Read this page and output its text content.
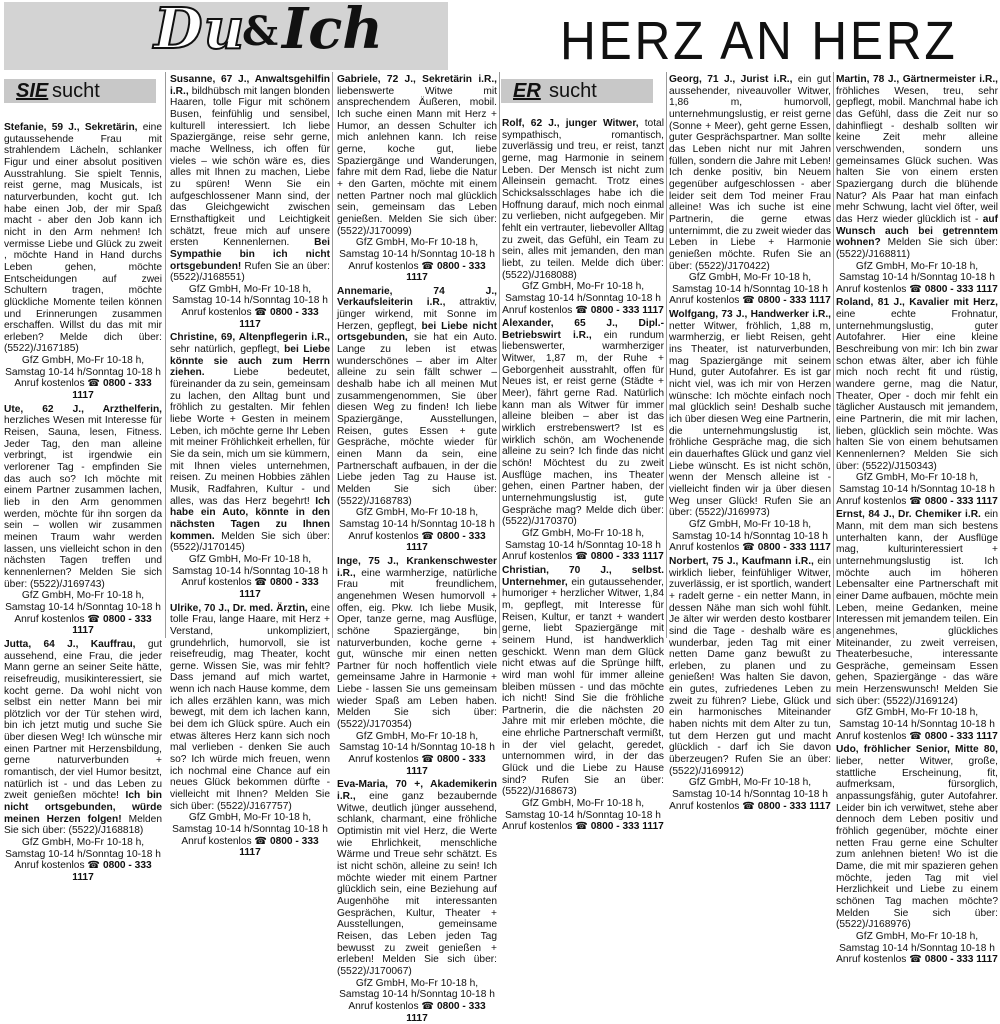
Du
& Ich	HERZ AN HERZ
SIE sucht	ER sucht

Stefanie, 59 J., Sekretärin, eine gutaussehende Frau mit strahlendem Lächeln, schlanker Figur und einer absolut positiven Ausstrahlung. Sie spielt Tennis, reist gerne, mag Musicals, ist naturverbunden, kocht gut. Ich habe einen Job, der mir Spaß macht - aber den Job kann ich nicht in den Arm nehmen! Ich vermisse Liebe und Glück zu zweit , möchte Hand in Hand durchs Leben gehen, möchte Entscheidungen auf zwei Schultern tragen, möchte glückliche Momente teilen können und Erinnerungen zusammen erschaffen. Willst du das mit mir erleben? Melde dich über: (5522)/J167185)
GfZ GmbH, Mo-Fr 10-18 h,
Samstag 10-14 h/Sonntag 10-18 h
Anruf kostenlos ☎ 0800 - 333 1117

Ute, 62 J., Arzthelferin, herzliches Wesen mit Interesse für Reisen, Sauna, lesen, Fitness. Jeder Tag, den man alleine verbringt, ist irgendwie ein verlorener Tag - empfinden Sie das auch so? Ich möchte mit einem Partner zusammen lachen, lieb in den Arm genommen werden, möchte für ihn sorgen da sein – wollen wir zusammen meinen Traum wahr werden lassen, uns vielleicht schon in den nächsten Tagen treffen und kennenlernen? Melden Sie sich über: (5522)/J169743)
GfZ GmbH, Mo-Fr 10-18 h,
Samstag 10-14 h/Sonntag 10-18 h
Anruf kostenlos ☎ 0800 - 333 1117

Jutta, 64 J., Kauffrau, gut aussehend, eine Frau, die jeder Mann gerne an seiner Seite hätte, reisefreudig, musikinteressiert, sie kocht gerne. Da wohl nicht von selbst ein netter Mann bei mir plötzlich vor der Tür stehen wird, bin ich jetzt mutig und suche Sie über diesen Weg! Ich wünsche mir einen Partner mit Herzensbildung, gerne naturverbunden + romantisch, der viel Humor besitzt, natürlich ist - und das Leben zu zweit genießen möchte! Ich bin nicht ortsgebunden, würde meinen Herzen folgen! Melden Sie sich über: (5522)/J168818)
GfZ GmbH, Mo-Fr 10-18 h,
Samstag 10-14 h/Sonntag 10-18 h
Anruf kostenlos ☎ 0800 - 333 1117

Susanne, 67 J., Anwaltsgehilfin i.R., bildhübsch mit langen blonden Haaren, tolle Figur mit schönem Busen, feinfühlig und sensibel, kulturell interessiert. Ich liebe Spaziergänge, reise sehr gerne, mache Wellness, ich offen für vieles – wie schön wäre es, dies alles mit Ihnen zu machen, Liebe zu spüren! Wenn Sie ein aufgeschlossener Mann sind, der das Gleichgewicht zwischen Ernsthaftigkeit und Leichtigkeit schätzt, freue mich auf unsere ersten Kennenlernen. Bei Sympathie bin ich nicht ortsgebunden! Rufen Sie an über: (5522)/J168551)
GfZ GmbH, Mo-Fr 10-18 h,
Samstag 10-14 h/Sonntag 10-18 h
Anruf kostenlos ☎ 0800 - 333 1117

Christine, 69, Altenpflegerin i.R., sehr natürlich, gepflegt, bei Liebe könnte sie auch zum Herrn ziehen. Liebe bedeutet, füreinander da zu sein, gemeinsam zu lachen, den Alltag bunt und fröhlich zu gestalten. Mir fehlen liebe Worte + Gesten in meinem Leben, ich möchte gerne Ihr Leben mit meiner Fröhlichkeit erhellen, für Sie da sein, mich um sie kümmern, mit Ihnen vieles unternehmen, reisen. Zu meinen Hobbies zählen Musik, Radfahren, Kultur - und alles, was das Herz begehrt! Ich habe ein Auto, könnte in den nächsten Tagen zu Ihnen kommen. Melden Sie sich über: (5522)/J170145)
GfZ GmbH, Mo-Fr 10-18 h,
Samstag 10-14 h/Sonntag 10-18 h
Anruf kostenlos ☎ 0800 - 333 1117

Ulrike, 70 J., Dr. med. Ärztin, eine tolle Frau, lange Haare, mit Herz + Verstand, unkompliziert, grundehrlich, humorvoll, sie ist reisefreudig, mag Theater, kocht gerne. Wissen Sie, was mir fehlt? Dass jemand auf mich wartet, wenn ich nach Hause komme, dem ich alles erzählen kann, was mich bewegt, mit dem ich lachen kann, bei dem ich Glück spüre. Auch ein etwas älteres Herz kann sich noch mal verlieben - denken Sie auch so? Ich würde mich freuen, wenn ich nochmal eine Chance auf ein neues Glück bekommen dürfte - vielleicht mit Ihnen? Melden Sie sich über: (5522)/J167757)
GfZ GmbH, Mo-Fr 10-18 h,
Samstag 10-14 h/Sonntag 10-18 h
Anruf kostenlos ☎ 0800 - 333 1117

Gabriele, 72 J., Sekretärin i.R., liebenswerte Witwe mit ansprechendem Äußeren, mobil. Ich suche einen Mann mit Herz + Humor, an dessen Schulter ich mich anlehnen kann. Ich reise gerne, koche gut, liebe Spaziergänge und Wanderungen, fahre mit dem Rad, liebe die Natur + den Garten, möchte mit einem netten Partner noch mal glücklich sein, gemeinsam das Leben genießen. Melden Sie sich über: (5522)/J170099)
GfZ GmbH, Mo-Fr 10-18 h,
Samstag 10-14 h/Sonntag 10-18 h
Anruf kostenlos ☎ 0800 - 333 1117

Annemarie, 74 J., Verkaufsleiterin i.R., attraktiv, jünger wirkend, mit Sonne im Herzen, gepflegt, bei Liebe nicht ortsgebunden, sie hat ein Auto. Lange zu leben ist etwas wunderschönes – aber im Alter alleine zu sein fällt schwer – deshalb habe ich all meinen Mut zusammengenommen, Sie über diesen Weg zu finden! Ich liebe Spaziergänge, Ausstellungen, Reisen, gutes Essen + gute Gespräche, möchte wieder für einen Mann da sein, eine Partnerschaft aufbauen, in der die Liebe jeden Tag zu Hause ist. Melden Sie sich über: (5522)/J168783)
GfZ GmbH, Mo-Fr 10-18 h,
Samstag 10-14 h/Sonntag 10-18 h
Anruf kostenlos ☎ 0800 - 333 1117

Inge, 75 J., Krankenschwester i.R., eine warmherzige, natürliche Frau mit freundlichem, angenehmen Wesen humorvoll + offen, eig. Pkw. Ich liebe Musik, Oper, tanze gerne, mag Ausflüge, schöne Spaziergänge, bin naturverbunden, koche gerne + gut, wünsche mir einen netten Partner für noch hoffentlich viele gemeinsame Jahre in Harmonie + Liebe - lassen Sie uns gemeinsam wieder Spaß am Leben haben. Melden Sie sich über: (5522)/J170354)
GfZ GmbH, Mo-Fr 10-18 h,
Samstag 10-14 h/Sonntag 10-18 h
Anruf kostenlos ☎ 0800 - 333 1117

Eva-Maria, 70 +, Akademikerin i.R., eine ganz bezaubernde Witwe, deutlich jünger aussehend, schlank, charmant, eine fröhliche Optimistin mit viel Herz, die Werte wie Ehrlichkeit, menschliche Wärme und Treue sehr schätzt. Es ist nicht schön, alleine zu sein! Ich möchte wieder mit einem Partner glücklich sein, eine Beziehung auf Augenhöhe mit interessanten Gesprächen, Kultur, Theater + Ausstellungen, gemeinsame Reisen, das Leben jeden Tag bewusst zu zweit genießen + erleben! Melden Sie sich über: (5522)/J170067)
GfZ GmbH, Mo-Fr 10-18 h,
Samstag 10-14 h/Sonntag 10-18 h
Anruf kostenlos ☎ 0800 - 333 1117

Rolf, 62 J., junger Witwer, total sympathisch, romantisch, zuverlässig und treu, er reist, tanzt gerne, mag Harmonie in seinem Leben. Der Mensch ist nicht zum Alleinsein gemacht. Trotz eines Schicksalsschlages habe ich die Hoffnung darauf, mich noch einmal zu verlieben, nicht aufgegeben. Mir fehlt ein vertrauter, liebevoller Alltag zu zweit, das Gefühl, ein Team zu sein, alles mit jemanden, den man liebt, zu teilen. Melde dich über: (5522)/J168088)
GfZ GmbH, Mo-Fr 10-18 h,
Samstag 10-14 h/Sonntag 10-18 h
Anruf kostenlos ☎ 0800 - 333 1117

Alexander, 65 J., Dipl.-Betriebswirt i.R., ein rundum liebenswerter, warmherziger Witwer, 1,87 m, der Ruhe + Geborgenheit ausstrahlt, offen für Neues ist, er reist gerne (Städte + Meer), fährt gerne Rad. Natürlich kann man als Witwer für immer alleine bleiben – aber ist das wirklich erstrebenswert? Ist es wirklich schön, am Wochenende alleine zu sein? Ich finde das nicht schön! Möchtest du zu zweit Ausflüge machen, ins Theater gehen, einen Partner haben, der unternehmungslustig ist, gute Gespräche mag? Melde dich über: (5522)/J170370)
GfZ GmbH, Mo-Fr 10-18 h,
Samstag 10-14 h/Sonntag 10-18 h
Anruf kostenlos ☎ 0800 - 333 1117

Christian, 70 J., selbst. Unternehmer, ein gutaussehender, humoriger + herzlicher Witwer, 1,84 m, gepflegt, mit Interesse für Reisen, Kultur, er tanzt + wandert gerne, liebt Spaziergänge mit seinem Hund, ist handwerklich geschickt. Wenn man dem Glück nicht etwas auf die Sprünge hilft, wird man wohl für immer alleine bleiben müssen - und das möchte ich nicht! Sind Sie die fröhliche Partnerin, die die nächsten 20 Jahre mit mir erleben möchte, die eine ehrliche Partnerschaft vermißt, in der viel gelacht, geredet, unternommen wird, in der das Glück und die Liebe zu Hause sind? Rufen Sie an über: (5522)/J168673)
GfZ GmbH, Mo-Fr 10-18 h,
Samstag 10-14 h/Sonntag 10-18 h
Anruf kostenlos ☎ 0800 - 333 1117

Georg, 71 J., Jurist i.R., ein gut aussehender, niveauvoller Witwer, 1,86 m, humorvoll, unternehmungslustig, er reist gerne (Sonne + Meer), geht gerne Essen, guter Gesprächspartner. Man sollte das Leben nicht nur mit Jahren füllen, sondern die Jahre mit Leben! Ich denke positiv, bin Neuem gegenüber aufgeschlossen - aber leider seit dem Tod meiner Frau alleine! Was ich suche ist eine Partnerin, die gerne etwas unternimmt, die zu zweit wieder das Leben in Liebe + Harmonie genießen möchte. Rufen Sie an über: (5522)/J170422)
GfZ GmbH, Mo-Fr 10-18 h,
Samstag 10-14 h/Sonntag 10-18 h
Anruf kostenlos ☎ 0800 - 333 1117

Wolfgang, 73 J., Handwerker i.R., netter Witwer, fröhlich, 1,88 m, warmherzig, er liebt Reisen, geht ins Theater, ist naturverbunden, mag Spaziergänge mit seinem Hund, guter Autofahrer. Es ist gar nicht viel, was ich mir von Herzen wünsche: Ich möchte einfach noch mal glücklich sein! Deshalb suche ich über diesen Weg eine Partnerin, die unternehmungslustig ist, fröhliche Gespräche mag, die sich ein dauerhaftes Glück und ganz viel Liebe wünscht. Es ist nicht schön, wenn der Mensch alleine ist - vielleicht finden wir ja über diesen Weg unser Glück! Rufen Sie an über: (5522)/J169973)
GfZ GmbH, Mo-Fr 10-18 h,
Samstag 10-14 h/Sonntag 10-18 h
Anruf kostenlos ☎ 0800 - 333 1117

Norbert, 75 J., Kaufmann i.R., ein wirklich lieber, feinfühliger Witwer, zuverlässig, er ist sportlich, wandert + radelt gerne - ein netter Mann, in dessen Nähe man sich wohl fühlt. Je älter wir werden desto kostbarer sind die Tage - deshalb wäre es wunderbar, jeden Tag mit einer netten Dame ganz bewußt zu erleben, zu planen und zu genießen! Was halten Sie davon, ein gutes, zufriedenes Leben zu zweit zu führen? Liebe, Glück und ein harmonisches Miteinander haben nichts mit dem Alter zu tun, tut dem Herzen gut und macht glücklich - darf ich Sie davon überzeugen? Rufen Sie an über: (5522)/J169912)
GfZ GmbH, Mo-Fr 10-18 h,
Samstag 10-14 h/Sonntag 10-18 h
Anruf kostenlos ☎ 0800 - 333 1117

Martin, 78 J., Gärtnermeister i.R., fröhliches Wesen, treu, sehr gepflegt, mobil. Manchmal habe ich das Gefühl, dass die Zeit nur so dahinfliegt - deshalb sollten wir keine Zeit mehr alleine verschwenden, sondern uns gemeinsames Glück suchen. Was halten Sie von einem ersten Spaziergang durch die blühende Natur? Als Paar hat man einfach mehr Schwung, lacht viel öfter, weil das Herz wieder glücklich ist - auf Wunsch auch bei getrenntem wohnen? Melden Sie sich über: (5522)/J168811)
GfZ GmbH, Mo-Fr 10-18 h,
Samstag 10-14 h/Sonntag 10-18 h
Anruf kostenlos ☎ 0800 - 333 1117

Roland, 81 J., Kavalier mit Herz, eine echte Frohnatur, unternehmungslustig, guter Autofahrer. Hier eine kleine Beschreibung von mir: Ich bin zwar schon etwas älter, aber ich fühle mich noch recht fit und rüstig, wandere gerne, mag die Natur, Theater, Oper - doch mir fehlt ein täglicher Austausch mit jemandem, eine Partnerin, die mit mir lachen, lieben, glücklich sein möchte. Was halten Sie von einem behutsamen Kennenlernen? Melden Sie sich über: (5522)/J150343)
GfZ GmbH, Mo-Fr 10-18 h,
Samstag 10-14 h/Sonntag 10-18 h
Anruf kostenlos ☎ 0800 - 333 1117

Ernst, 84 J., Dr. Chemiker i.R. ein Mann, mit dem man sich bestens unterhalten kann, der Ausflüge mag, kulturinteressiert + unternehmungslustig ist. Ich möchte auch im höheren Lebensalter eine Partnerschaft mit einer Dame aufbauen, möchte mein Leben, meine Gedanken, meine Interessen mit jemandem teilen. Ein angenehmes, glückliches Miteinander, zu zweit verreisen, Theaterbesuche, interessante Gespräche, gemeinsam Essen gehen, Spaziergänge - das wäre mein Herzenswunsch! Melden Sie sich über: (5522)/J169124)
GfZ GmbH, Mo-Fr 10-18 h,
Samstag 10-14 h/Sonntag 10-18 h
Anruf kostenlos ☎ 0800 - 333 1117

Udo, fröhlicher Senior, Mitte 80, lieber, netter Witwer, große, stattliche Erscheinung, fit, aufmerksam, fürsorglich, anpassungsfähig, guter Autofahrer. Leider bin ich verwitwet, stehe aber dennoch dem Leben positiv und fröhlich gegenüber, möchte einer netten Frau gerne eine Schulter zum anlehnen bieten! Wo ist die Dame, die mit mir spazieren gehen möchte, jeden Tag mit viel Herzlichkeit und Liebe zu einem schönen Tag machen möchte? Melden Sie sich über: (5522)/J168976)
GfZ GmbH, Mo-Fr 10-18 h,
Samstag 10-14 h/Sonntag 10-18 h
Anruf kostenlos ☎ 0800 - 333 1117
